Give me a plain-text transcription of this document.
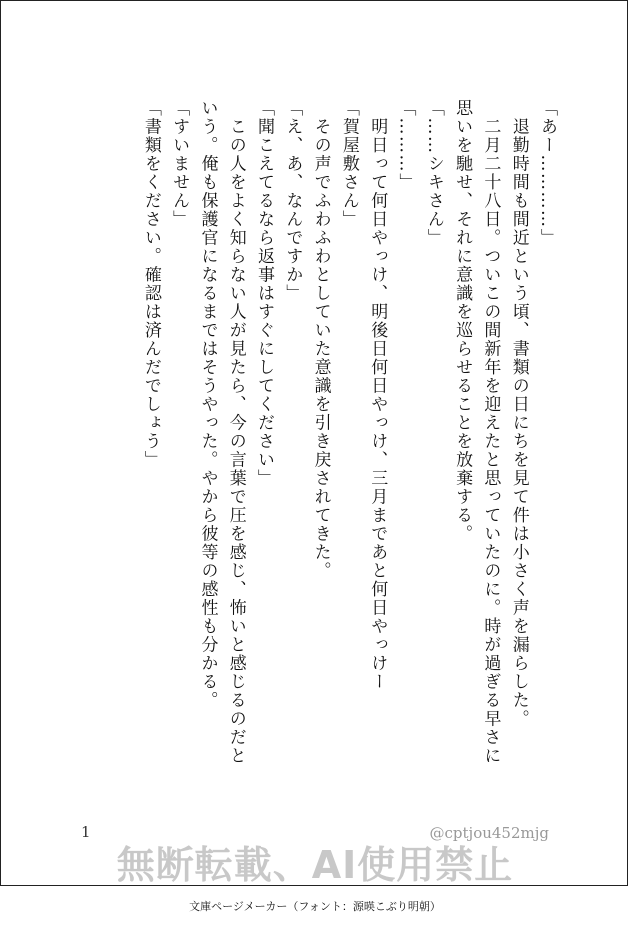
「あー…………」
　退勤時間も間近という頃、書類の日にちを見て件は小さく声を漏らした。
　二月二十八日。ついこの間新年を迎えたと思っていたのに。時が過ぎる早さに
思いを馳せ、それに意識を巡らせることを放棄する。
「……シキさん」
「………」
　明日って何日やっけ、明後日何日やっけ、三月まであと何日やっけー
「賀屋敷さん」
　その声でふわふわとしていた意識を引き戻されてきた。
「え、あ、なんですか」
「聞こえてるなら返事はすぐにしてください」
　この人をよく知らない人が見たら、今の言葉で圧を感じ、怖いと感じるのだと
いう。俺も保護官になるまではそうやった。やから彼等の感性も分かる。
「すいません」
「書類をください。確認は済んだでしょう」
1	@cptjou452mjg
無断転載、AI使用禁止
文庫ページメーカー（フォント：源暎こぶり明朝）
